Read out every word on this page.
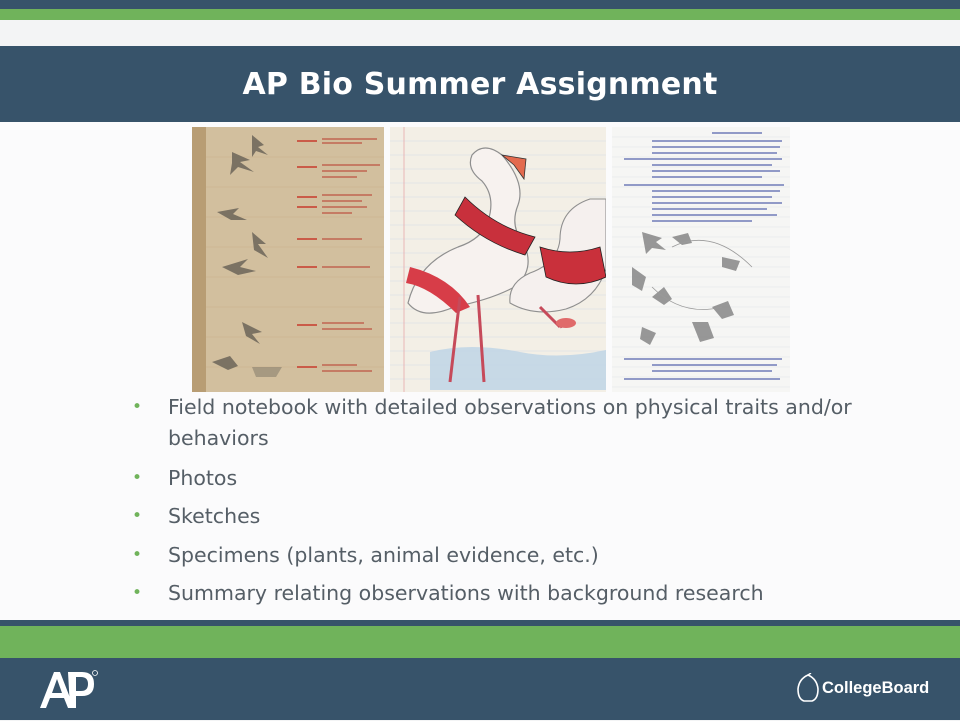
AP Bio Summer Assignment
• Field notebook with detailed observations on physical traits and/or behaviors
• Photos
• Sketches
• Specimens (plants, animal evidence, etc.)
• Summary relating observations with background research
CollegeBoard
